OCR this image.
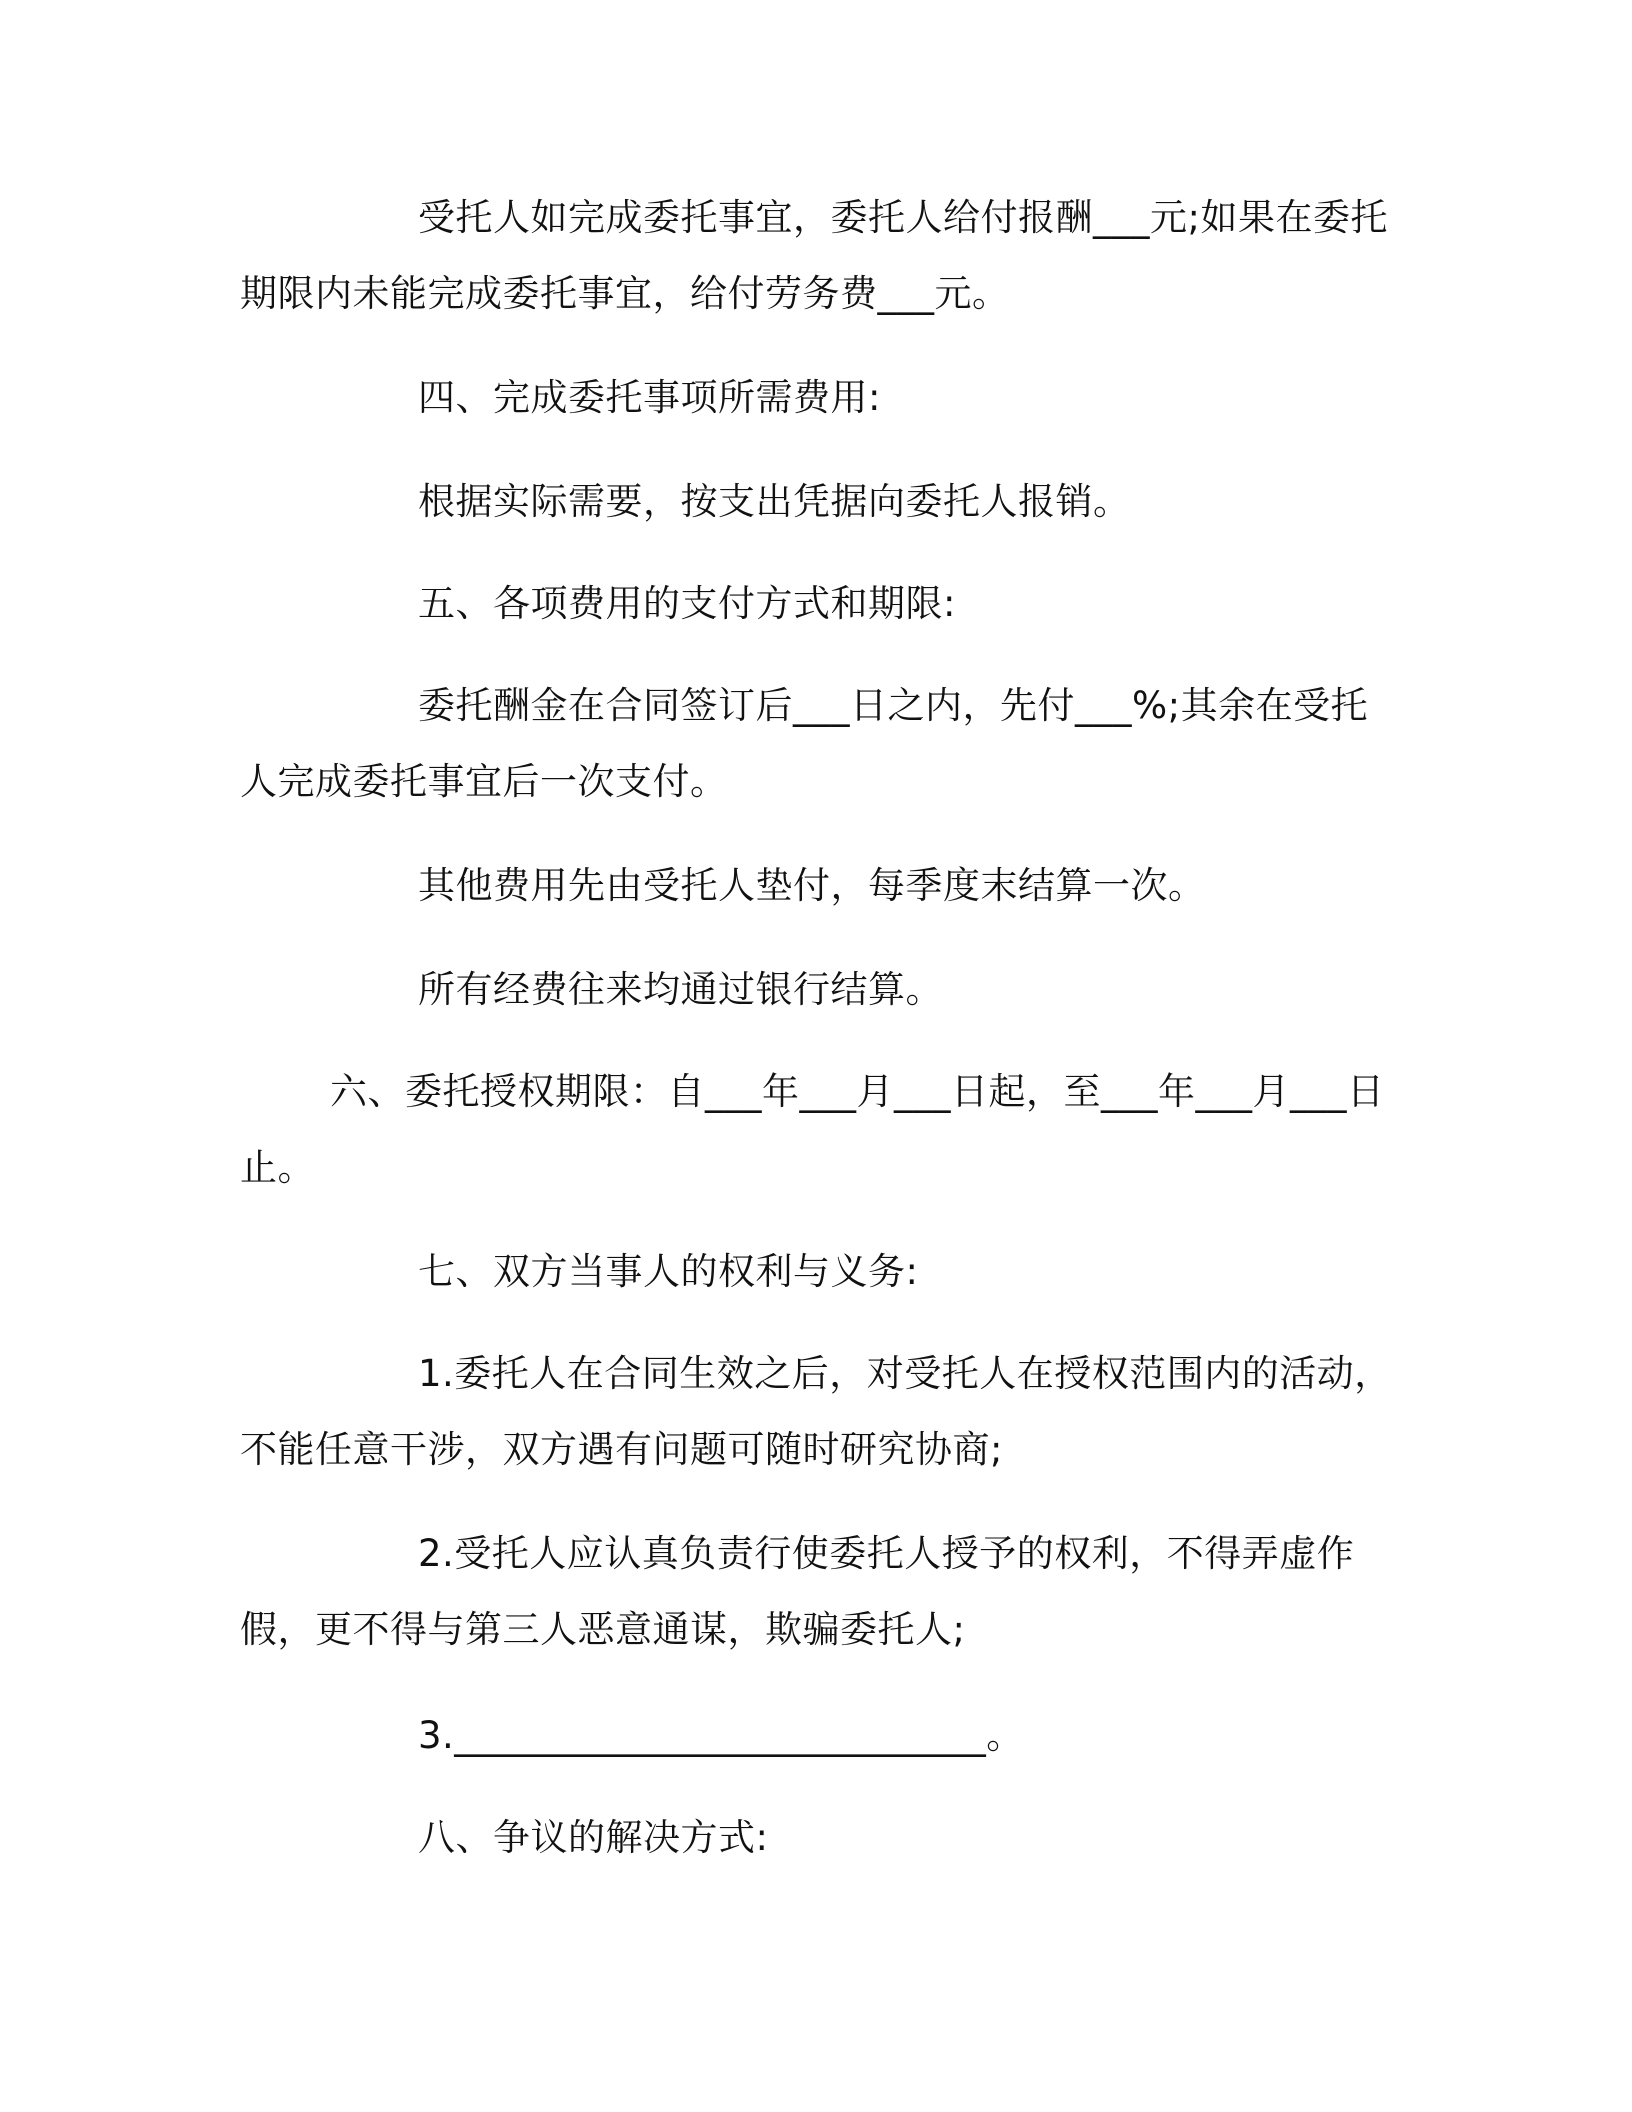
受托人如完成委托事宜，委托人给付报酬___元;如果在委托期限内未能完成委托事宜，给付劳务费___元。

四、完成委托事项所需费用:

根据实际需要，按支出凭据向委托人报销。

五、各项费用的支付方式和期限:

委托酬金在合同签订后___日之内，先付___%;其余在受托人完成委托事宜后一次支付。

其他费用先由受托人垫付，每季度末结算一次。

所有经费往来均通过银行结算。

六、委托授权期限：自___年___月___日起，至___年___月___日止。

七、双方当事人的权利与义务:

1.委托人在合同生效之后，对受托人在授权范围内的活动，不能任意干涉，双方遇有问题可随时研究协商;

2.受托人应认真负责行使委托人授予的权利，不得弄虚作假，更不得与第三人恶意通谋，欺骗委托人;

3.____________________________。

八、争议的解决方式:
